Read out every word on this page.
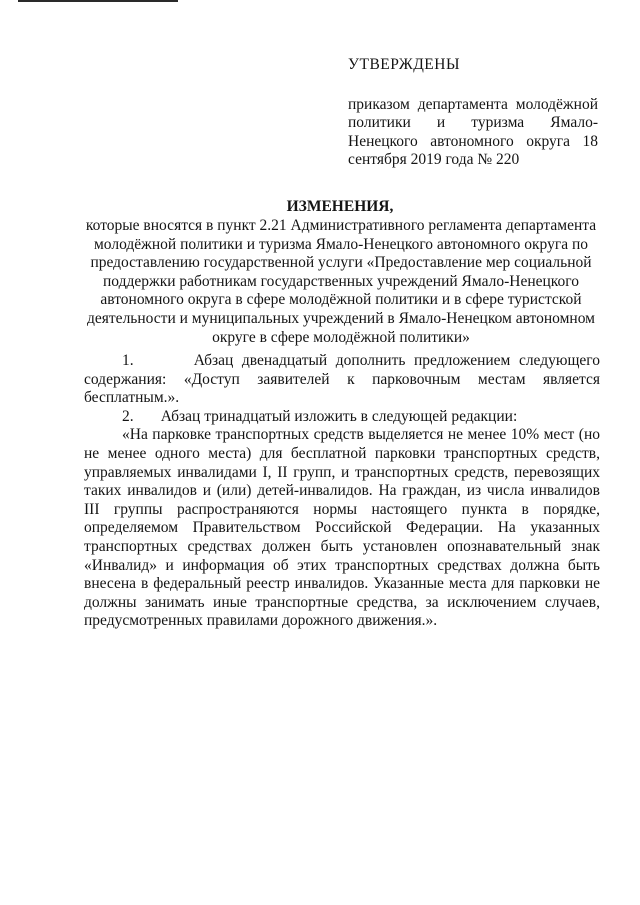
УТВЕРЖДЕНЫ
приказом департамента молодёжной политики и туризма Ямало-Ненецкого автономного округа 18 сентября 2019 года № 220
ИЗМЕНЕНИЯ,
которые вносятся в пункт 2.21 Административного регламента департамента молодёжной политики и туризма Ямало-Ненецкого автономного округа по предоставлению государственной услуги «Предоставление мер социальной поддержки работникам государственных учреждений Ямало-Ненецкого автономного округа в сфере молодёжной политики и в сфере туристской деятельности и муниципальных учреждений в Ямало-Ненецком автономном округе в сфере молодёжной политики»

1.	Абзац двенадцатый дополнить предложением следующего содержания: «Доступ заявителей к парковочным местам является бесплатным.».

2. Абзац тринадцатый изложить в следующей редакции:

«На парковке транспортных средств выделяется не менее 10% мест (но не менее одного места) для бесплатной парковки транспортных средств, управляемых инвалидами I, II групп, и транспортных средств, перевозящих таких инвалидов и (или) детей-инвалидов. На граждан, из числа инвалидов III группы распространяются нормы настоящего пункта в порядке, определяемом Правительством Российской Федерации. На указанных транспортных средствах должен быть установлен опознавательный знак «Инвалид» и информация об этих транспортных средствах должна быть внесена в федеральный реестр инвалидов. Указанные места для парковки не должны занимать иные транспортные средства, за исключением случаев, предусмотренных правилами дорожного движения.».
